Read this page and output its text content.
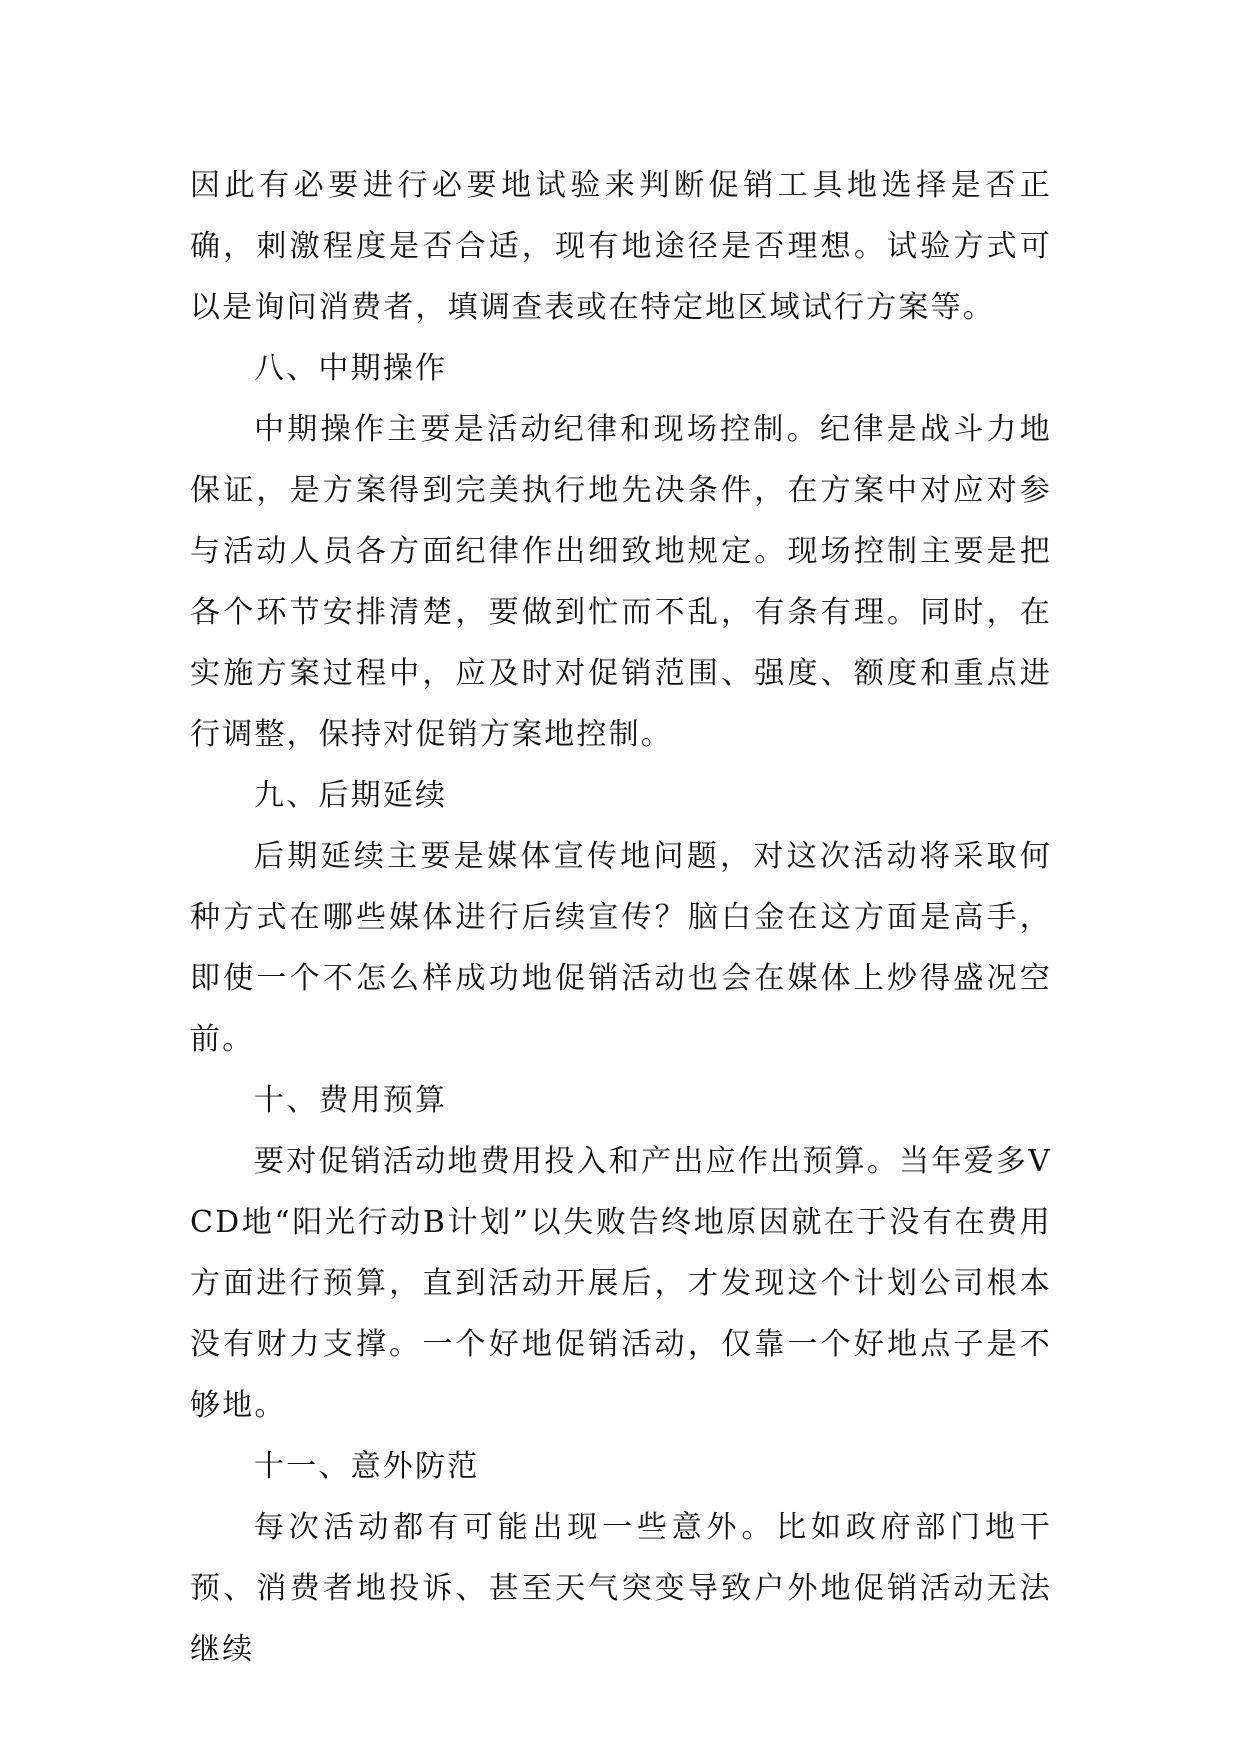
因此有必要进行必要地试验来判断促销工具地选择是否正确，刺激程度是否合适，现有地途径是否理想。试验方式可以是询问消费者，填调查表或在特定地区域试行方案等。

八、中期操作

中期操作主要是活动纪律和现场控制。纪律是战斗力地保证，是方案得到完美执行地先决条件，在方案中对应对参与活动人员各方面纪律作出细致地规定。现场控制主要是把各个环节安排清楚，要做到忙而不乱，有条有理。同时，在实施方案过程中，应及时对促销范围、强度、额度和重点进行调整，保持对促销方案地控制。

九、后期延续

后期延续主要是媒体宣传地问题，对这次活动将采取何种方式在哪些媒体进行后续宣传？脑白金在这方面是高手，即使一个不怎么样成功地促销活动也会在媒体上炒得盛况空前。

十、费用预算

要对促销活动地费用投入和产出应作出预算。当年爱多VCD地“阳光行动B计划”以失败告终地原因就在于没有在费用方面进行预算，直到活动开展后，才发现这个计划公司根本没有财力支撑。一个好地促销活动，仅靠一个好地点子是不够地。

十一、意外防范

每次活动都有可能出现一些意外。比如政府部门地干预、消费者地投诉、甚至天气突变导致户外地促销活动无法继续
